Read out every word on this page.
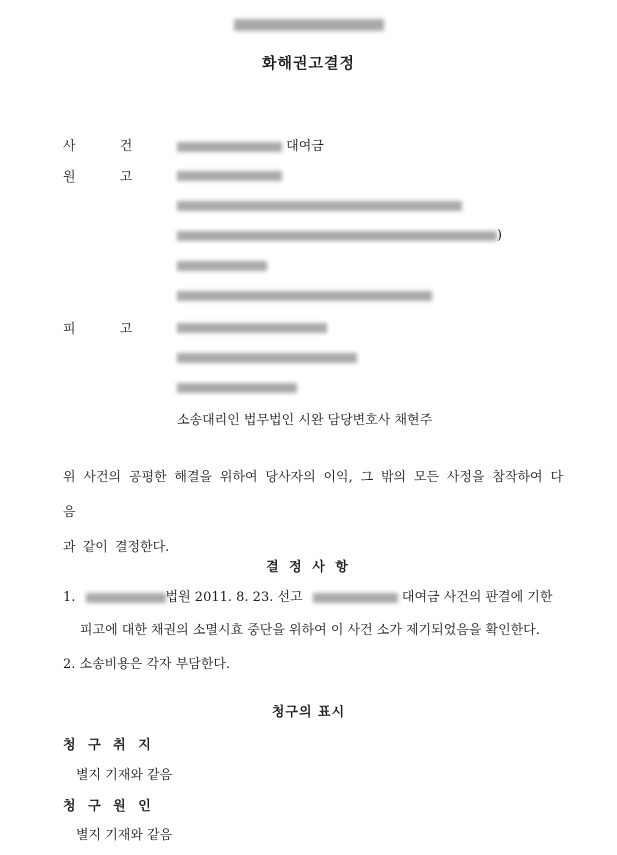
화해권고결정
사	건	대여금
원	고
)
피	고
소송대리인 법무법인 시완 담당변호사 채현주
위 사건의 공평한 해결을 위하여 당사자의 이익, 그 밖의 모든 사정을 참작하여 다음
과 같이 결정한다.
결 정 사 항
1.	법원 2011. 8. 23. 선고	대여금 사건의 판결에 기한
피고에 대한 채권의 소멸시효 중단을 위하여 이 사건 소가 제기되었음을 확인한다.
2. 소송비용은 각자 부담한다.
청구의 표시
청 구 취 지
별지 기재와 같음
청 구 원 인
별지 기재와 같음
